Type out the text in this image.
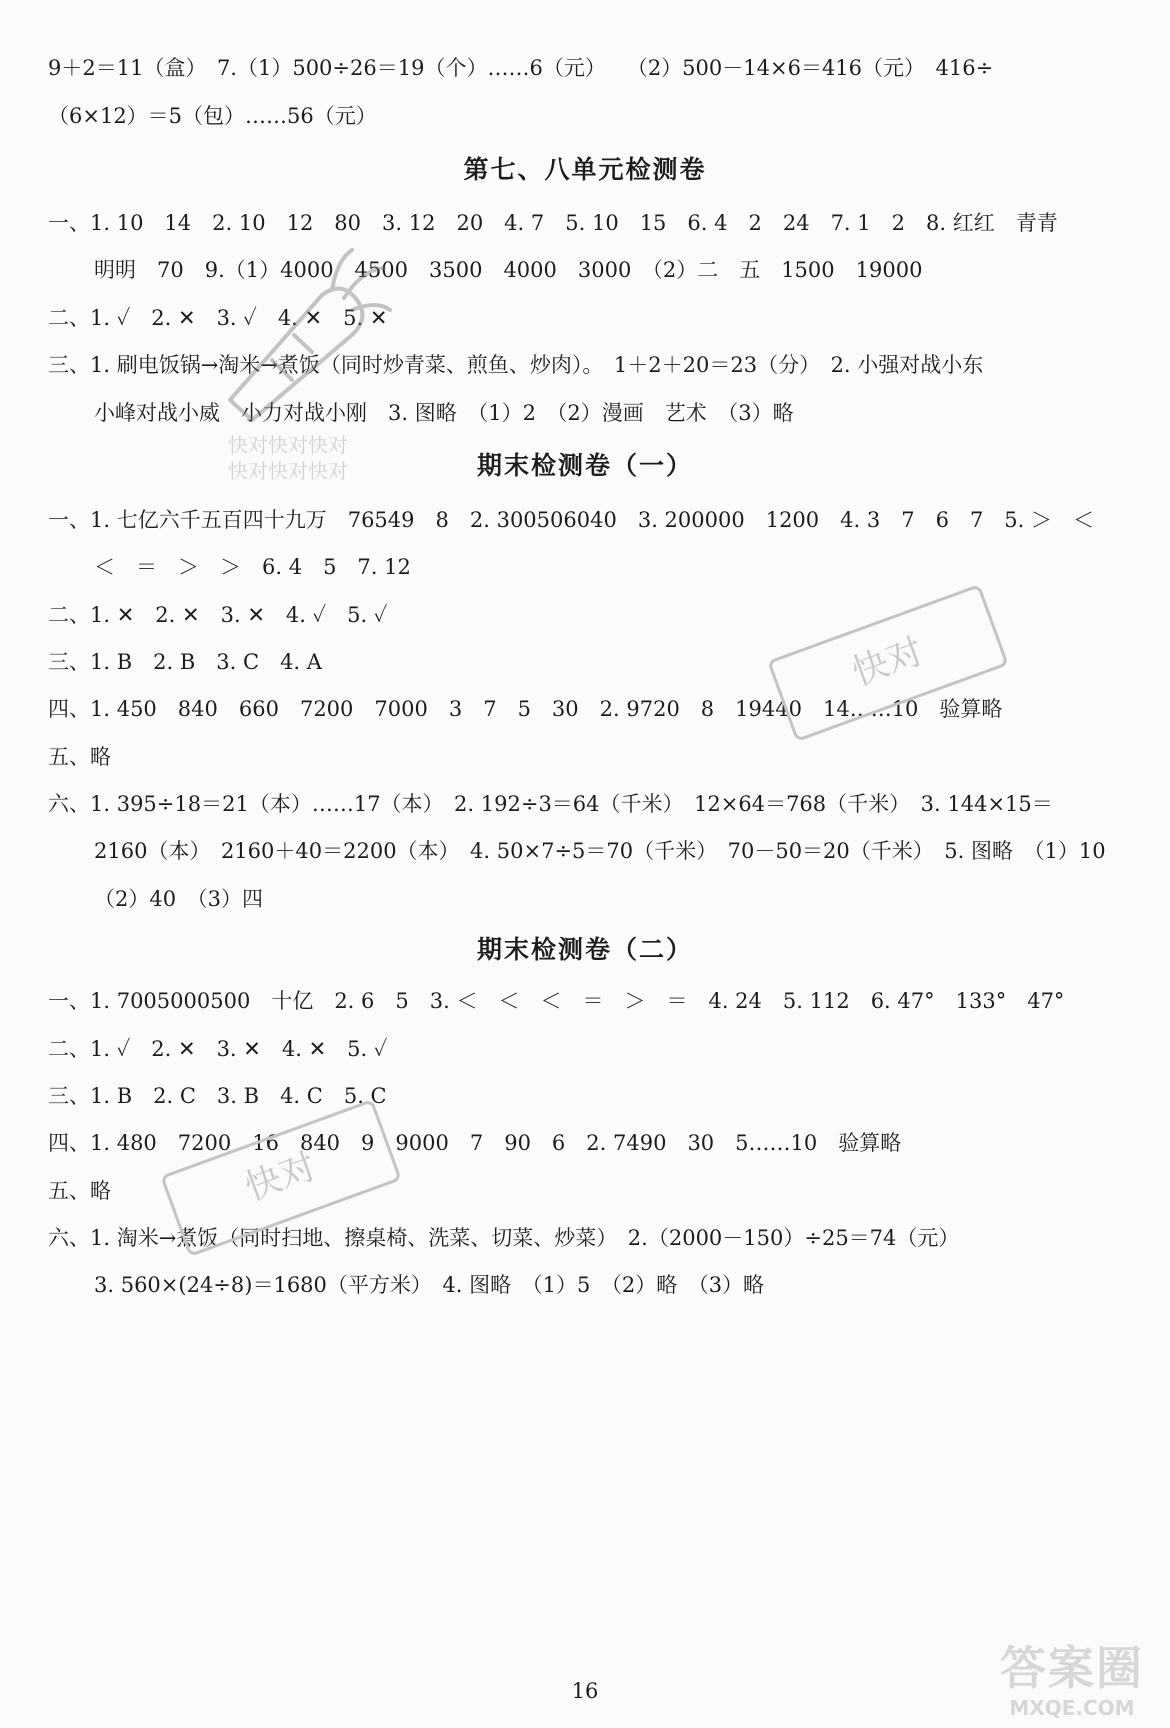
9＋2＝11（盒）　7.（1）500÷26＝19（个）……6（元）　　（2）500－14×6＝416（元）　416÷
（6×12）＝5（包）……56（元）
第七、八单元检测卷
一、1. 10　14　2. 10　12　80　3. 12　20　4. 7　5. 10　15　6. 4　2　24　7. 1　2　8. 红红　青青
明明　70　9.（1）4000　4500　3500　4000　3000　（2）二　五　1500　19000
二、1. ✓　2. ✕　3. ✓　4. ✕　5. ✕
三、1. 刷电饭锅→淘米→煮饭（同时炒青菜、煎鱼、炒肉）。　1＋2＋20＝23（分）　2. 小强对战小东
小峰对战小威　小力对战小刚　3. 图略　（1）2　（2）漫画　艺术　（3）略
期末检测卷（一）
一、1. 七亿六千五百四十九万　76549　8　2. 300506040　3. 200000　1200　4. 3　7　6　7　5. ＞　＜
＜　＝　＞　＞　6. 4　5　7. 12
二、1. ✕　2. ✕　3. ✕　4. ✓　5. ✓
三、1. B　2. B　3. C　4. A
四、1. 450　840　660　7200　7000　3　7　5　30　2. 9720　8　19440　14……10　验算略
五、略
六、1. 395÷18＝21（本）……17（本）　2. 192÷3＝64（千米）　12×64＝768（千米）　3. 144×15＝
2160（本）　2160＋40＝2200（本）　4. 50×7÷5＝70（千米）　70－50＝20（千米）　5. 图略　（1）10
（2）40　（3）四
期末检测卷（二）
一、1. 7005000500　十亿　2. 6　5　3. ＜　＜　＜　＝　＞　＝　4. 24　5. 112　6. 47°　133°　47°
二、1. ✓　2. ✕　3. ✕　4. ✕　5. ✓
三、1. B　2. C　3. B　4. C　5. C
四、1. 480　7200　16　840　9　9000　7　90　6　2. 7490　30　5……10　验算略
五、略
六、1. 淘米→煮饭（同时扫地、擦桌椅、洗菜、切菜、炒菜）　2.（2000－150）÷25＝74（元）
3. 560×(24÷8)＝1680（平方米）　4. 图略　（1）5　（2）略　（3）略
快对快对快对
快对快对快对
快对
快对
16	答案圈
MXQE.COM
